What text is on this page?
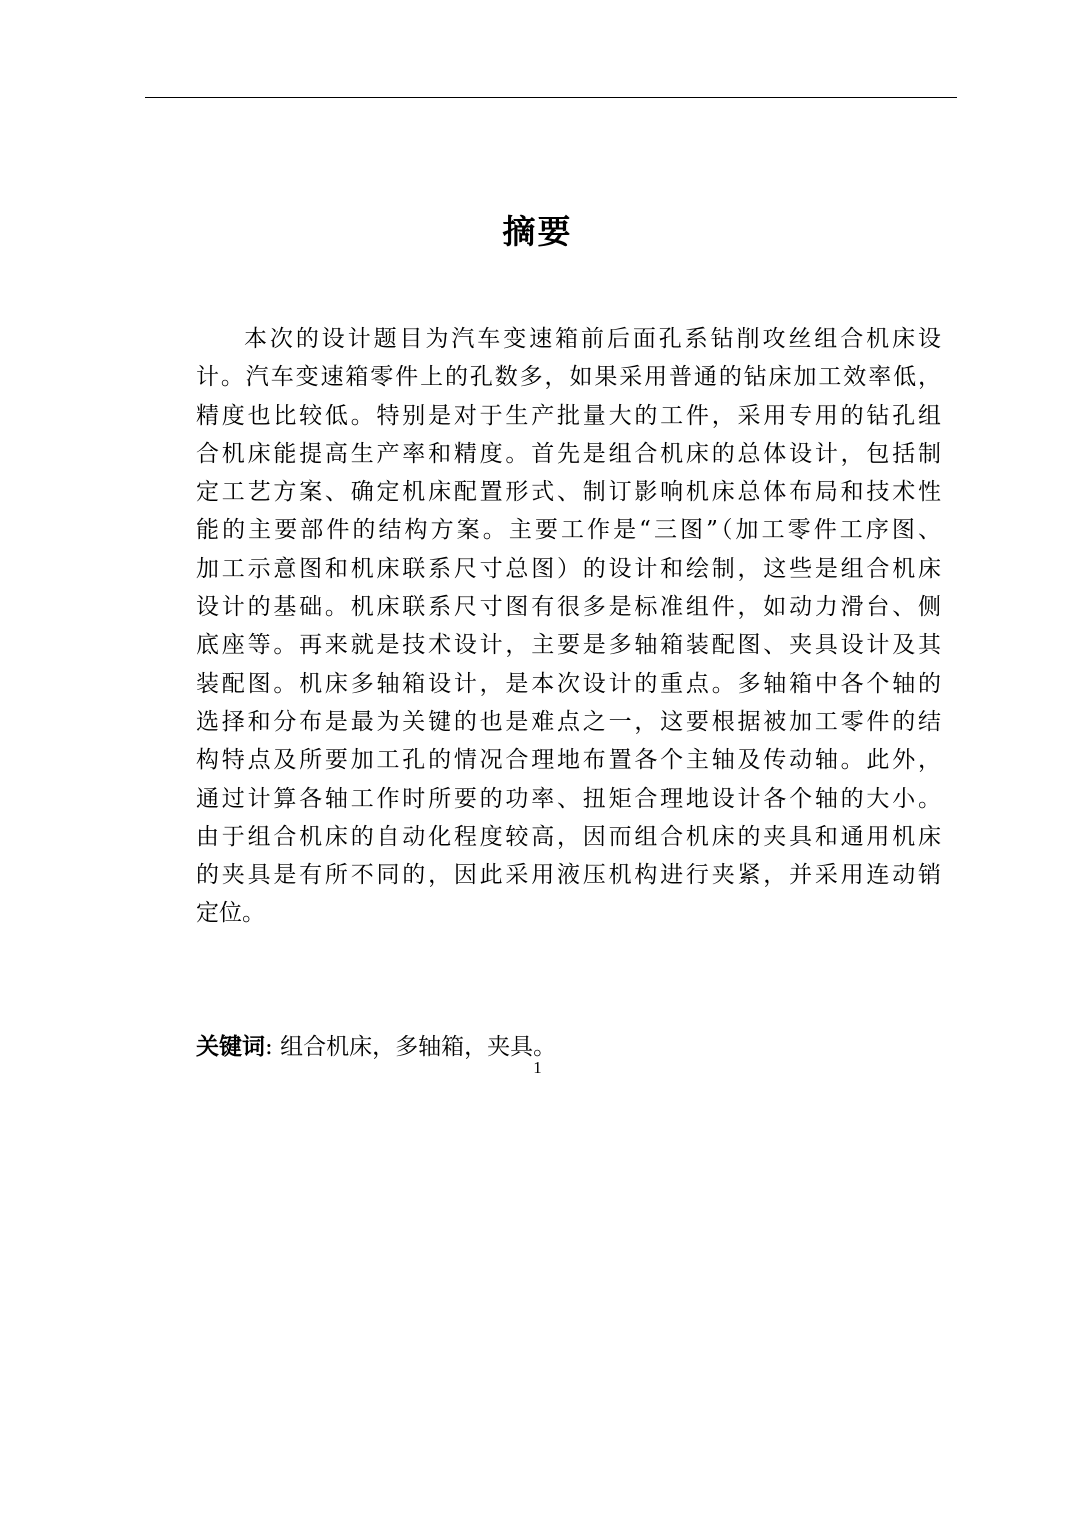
摘要
本次的设计题目为汽车变速箱前后面孔系钻削攻丝组合机床设
计。汽车变速箱零件上的孔数多，如果采用普通的钻床加工效率低，
精度也比较低。特别是对于生产批量大的工件，采用专用的钻孔组
合机床能提高生产率和精度。首先是组合机床的总体设计，包括制
定工艺方案、确定机床配置形式、制订影响机床总体布局和技术性
能的主要部件的结构方案。主要工作是“三图”（加工零件工序图、
加工示意图和机床联系尺寸总图）的设计和绘制，这些是组合机床
设计的基础。机床联系尺寸图有很多是标准组件，如动力滑台、侧
底座等。再来就是技术设计，主要是多轴箱装配图、夹具设计及其
装配图。机床多轴箱设计，是本次设计的重点。多轴箱中各个轴的
选择和分布是最为关键的也是难点之一，这要根据被加工零件的结
构特点及所要加工孔的情况合理地布置各个主轴及传动轴。此外，
通过计算各轴工作时所要的功率、扭矩合理地设计各个轴的大小。
由于组合机床的自动化程度较高，因而组合机床的夹具和通用机床
的夹具是有所不同的，因此采用液压机构进行夹紧，并采用连动销
定位。
关键词: 组合机床，多轴箱，夹具。
1
